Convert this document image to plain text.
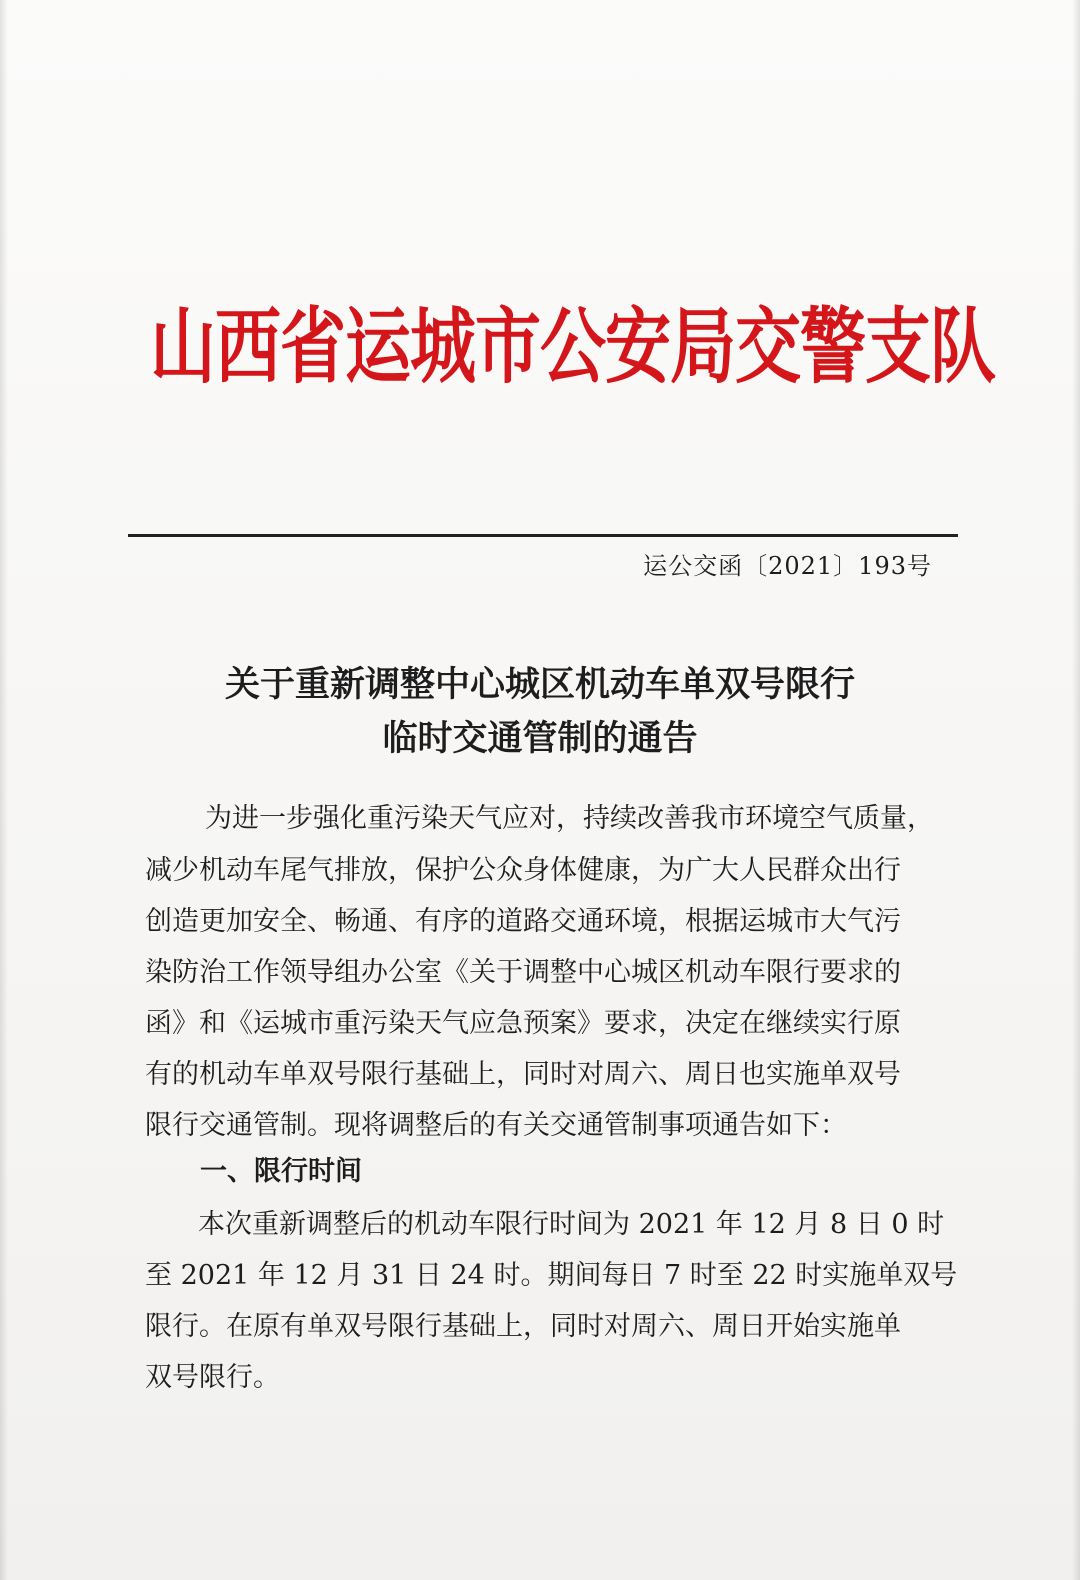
山西省运城市公安局交警支队
运公交函〔2021〕193号
关于重新调整中心城区机动车单双号限行
临时交通管制的通告
为进一步强化重污染天气应对，持续改善我市环境空气质量，
减少机动车尾气排放，保护公众身体健康，为广大人民群众出行
创造更加安全、畅通、有序的道路交通环境，根据运城市大气污
染防治工作领导组办公室《关于调整中心城区机动车限行要求的
函》和《运城市重污染天气应急预案》要求，决定在继续实行原
有的机动车单双号限行基础上，同时对周六、周日也实施单双号
限行交通管制。现将调整后的有关交通管制事项通告如下：
一、限行时间
本次重新调整后的机动车限行时间为 2021 年 12 月 8 日 0 时
至 2021 年 12 月 31 日 24 时。期间每日 7 时至 22 时实施单双号
限行。在原有单双号限行基础上，同时对周六、周日开始实施单
双号限行。
